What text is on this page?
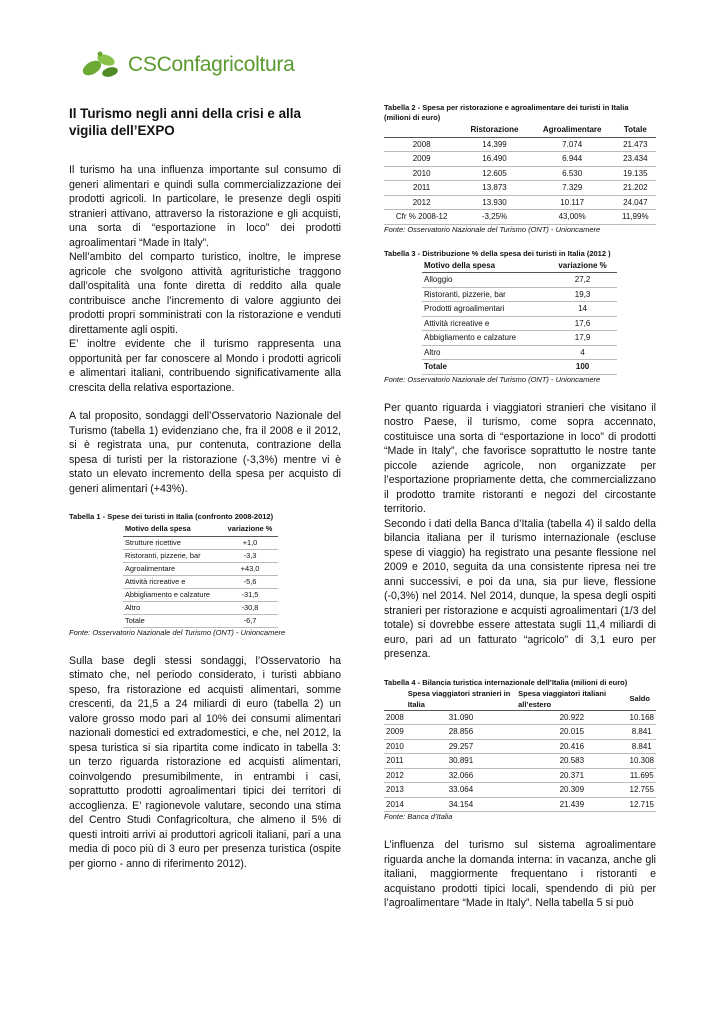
CSConfagricoltura
Il Turismo negli anni della crisi e alla vigilia dell’EXPO

Il turismo ha una influenza importante sul consumo di generi alimentari e quindi sulla commercializzazione dei prodotti agricoli. In particolare, le presenze degli ospiti stranieri attivano, attraverso la ristorazione e gli acquisti, una sorta di “esportazione in loco” dei prodotti agroalimentari “Made in Italy”.

Nell’ambito del comparto turistico, inoltre, le imprese agricole che svolgono attività agrituristiche traggono dall’ospitalità una fonte diretta di reddito alla quale contribuisce anche l’incremento di valore aggiunto dei prodotti propri somministrati con la ristorazione e venduti direttamente agli ospiti.

E’ inoltre evidente che il turismo rappresenta una opportunità per far conoscere al Mondo i prodotti agricoli e alimentari italiani, contribuendo significativamente alla crescita della relativa esportazione.

A tal proposito, sondaggi dell’Osservatorio Nazionale del Turismo (tabella 1) evidenziano che, fra il 2008 e il 2012, si è registrata una, pur contenuta, contrazione della spesa di turisti per la ristorazione (-3,3%) mentre vi è stato un elevato incremento della spesa per acquisto di generi alimentari (+43%).

Tabella 1 - Spese dei turisti in Italia (confronto 2008-2012)
Motivo della spesa	variazione %
Strutture ricettive	+1,0
Ristoranti, pizzerie, bar	-3,3
Agroalimentare	+43,0
Attività ricreative e	-5,6
Abbigliamento e calzature	-31,5
Altro	-30,8
Totale	-6,7
Fonte: Osservatorio Nazionale del Turismo (ONT) - Unioncamere

Sulla base degli stessi sondaggi, l’Osservatorio ha stimato che, nel periodo considerato, i turisti abbiano speso, fra ristorazione ed acquisti alimentari, somme crescenti, da 21,5 a 24 miliardi di euro (tabella 2) un valore grosso modo pari al 10% dei consumi alimentari nazionali domestici ed extradomestici, e che, nel 2012, la spesa turistica si sia ripartita come indicato in tabella 3: un terzo riguarda ristorazione ed acquisti alimentari, coinvolgendo presumibilmente, in entrambi i casi, soprattutto prodotti agroalimentari tipici dei territori di accoglienza. E’ ragionevole valutare, secondo una stima del Centro Studi Confagricoltura, che almeno il 5% di questi introiti arrivi ai produttori agricoli italiani, pari a una media di poco più di 3 euro per presenza turistica (ospite per giorno - anno di riferimento 2012).

Tabella 2 - Spesa per ristorazione e agroalimentare dei turisti in Italia (milioni di euro)
	Ristorazione	Agroalimentare	Totale
2008	14.399	7.074	21.473
2009	16.490	6.944	23.434
2010	12.605	6.530	19.135
2011	13.873	7.329	21.202
2012	13.930	10.117	24.047
Cfr % 2008-12	-3,25%	43,00%	11,99%
Fonte: Osservatorio Nazionale del Turismo (ONT) - Unioncamere
Tabella 3 - Distribuzione % della spesa dei turisti in Italia (2012 )
Motivo della spesa	variazione %
Alloggio	27,2
Ristoranti, pizzerie, bar	19,3
Prodotti agroalimentari	14
Attività ricreative e	17,6
Abbigliamento e calzature	17,9
Altro	4
Totale	100
Fonte: Osservatorio Nazionale del Turismo (ONT) - Unioncamere

Per quanto riguarda i viaggiatori stranieri che visitano il nostro Paese, il turismo, come sopra accennato, costituisce una sorta di “esportazione in loco” di prodotti “Made in Italy”, che favorisce soprattutto le nostre tante piccole aziende agricole, non organizzate per l’esportazione propriamente detta, che commercializzano il prodotto tramite ristoranti e negozi del circostante territorio.

Secondo i dati della Banca d’Italia (tabella 4) il saldo della bilancia italiana per il turismo internazionale (escluse spese di viaggio) ha registrato una pesante flessione nel 2009 e 2010, seguita da una consistente ripresa nei tre anni successivi, e poi da una, sia pur lieve, flessione (-0,3%) nel 2014. Nel 2014, dunque, la spesa degli ospiti stranieri per ristorazione e acquisti agroalimentari (1/3 del totale) si dovrebbe essere attestata sugli 11,4 miliardi di euro, pari ad un fatturato “agricolo” di 3,1 euro per presenza.

Tabella 4 - Bilancia turistica internazionale dell’Italia (milioni di euro)
	Spesa viaggiatori stranieri in Italia	Spesa viaggiatori italiani all’estero	Saldo
2008	31.090	20.922	10.168
2009	28.856	20.015	8.841
2010	29.257	20.416	8.841
2011	30.891	20.583	10.308
2012	32.066	20.371	11.695
2013	33.064	20.309	12.755
2014	34.154	21.439	12.715
Fonte: Banca d’Italia

L’influenza del turismo sul sistema agroalimentare riguarda anche la domanda interna: in vacanza, anche gli italiani, maggiormente frequentano i ristoranti e acquistano prodotti tipici locali, spendendo di più per l’agroalimentare “Made in Italy”. Nella tabella 5 si può
